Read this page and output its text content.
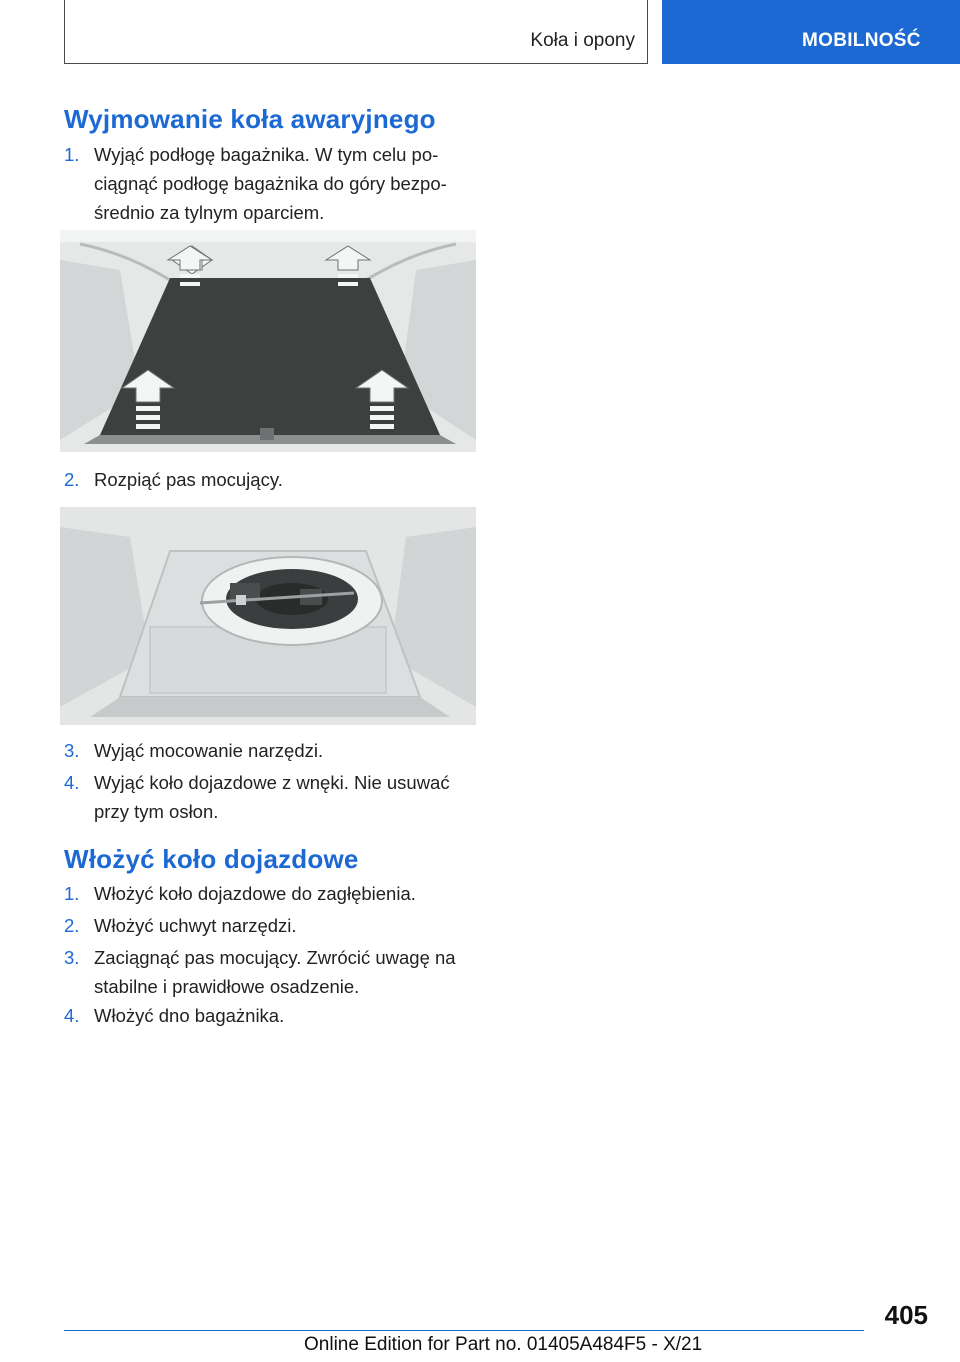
Koła i opony	MOBILNOŚĆ
Wyjmowanie koła awaryjnego
1. Wyjąć podłogę bagażnika. W tym celu pociągnąć podłogę bagażnika do góry bezpośrednio za tylnym oparciem.
2. Rozpiąć pas mocujący.
3. Wyjąć mocowanie narzędzi.
4. Wyjąć koło dojazdowe z wnęki. Nie usuwać przy tym osłon.
Włożyć koło dojazdowe
1. Włożyć koło dojazdowe do zagłębienia.
2. Włożyć uchwyt narzędzi.
3. Zaciągnąć pas mocujący. Zwrócić uwagę na stabilne i prawidłowe osadzenie.
4. Włożyć dno bagażnika.
405
Online Edition for Part no. 01405A484F5 - X/21
